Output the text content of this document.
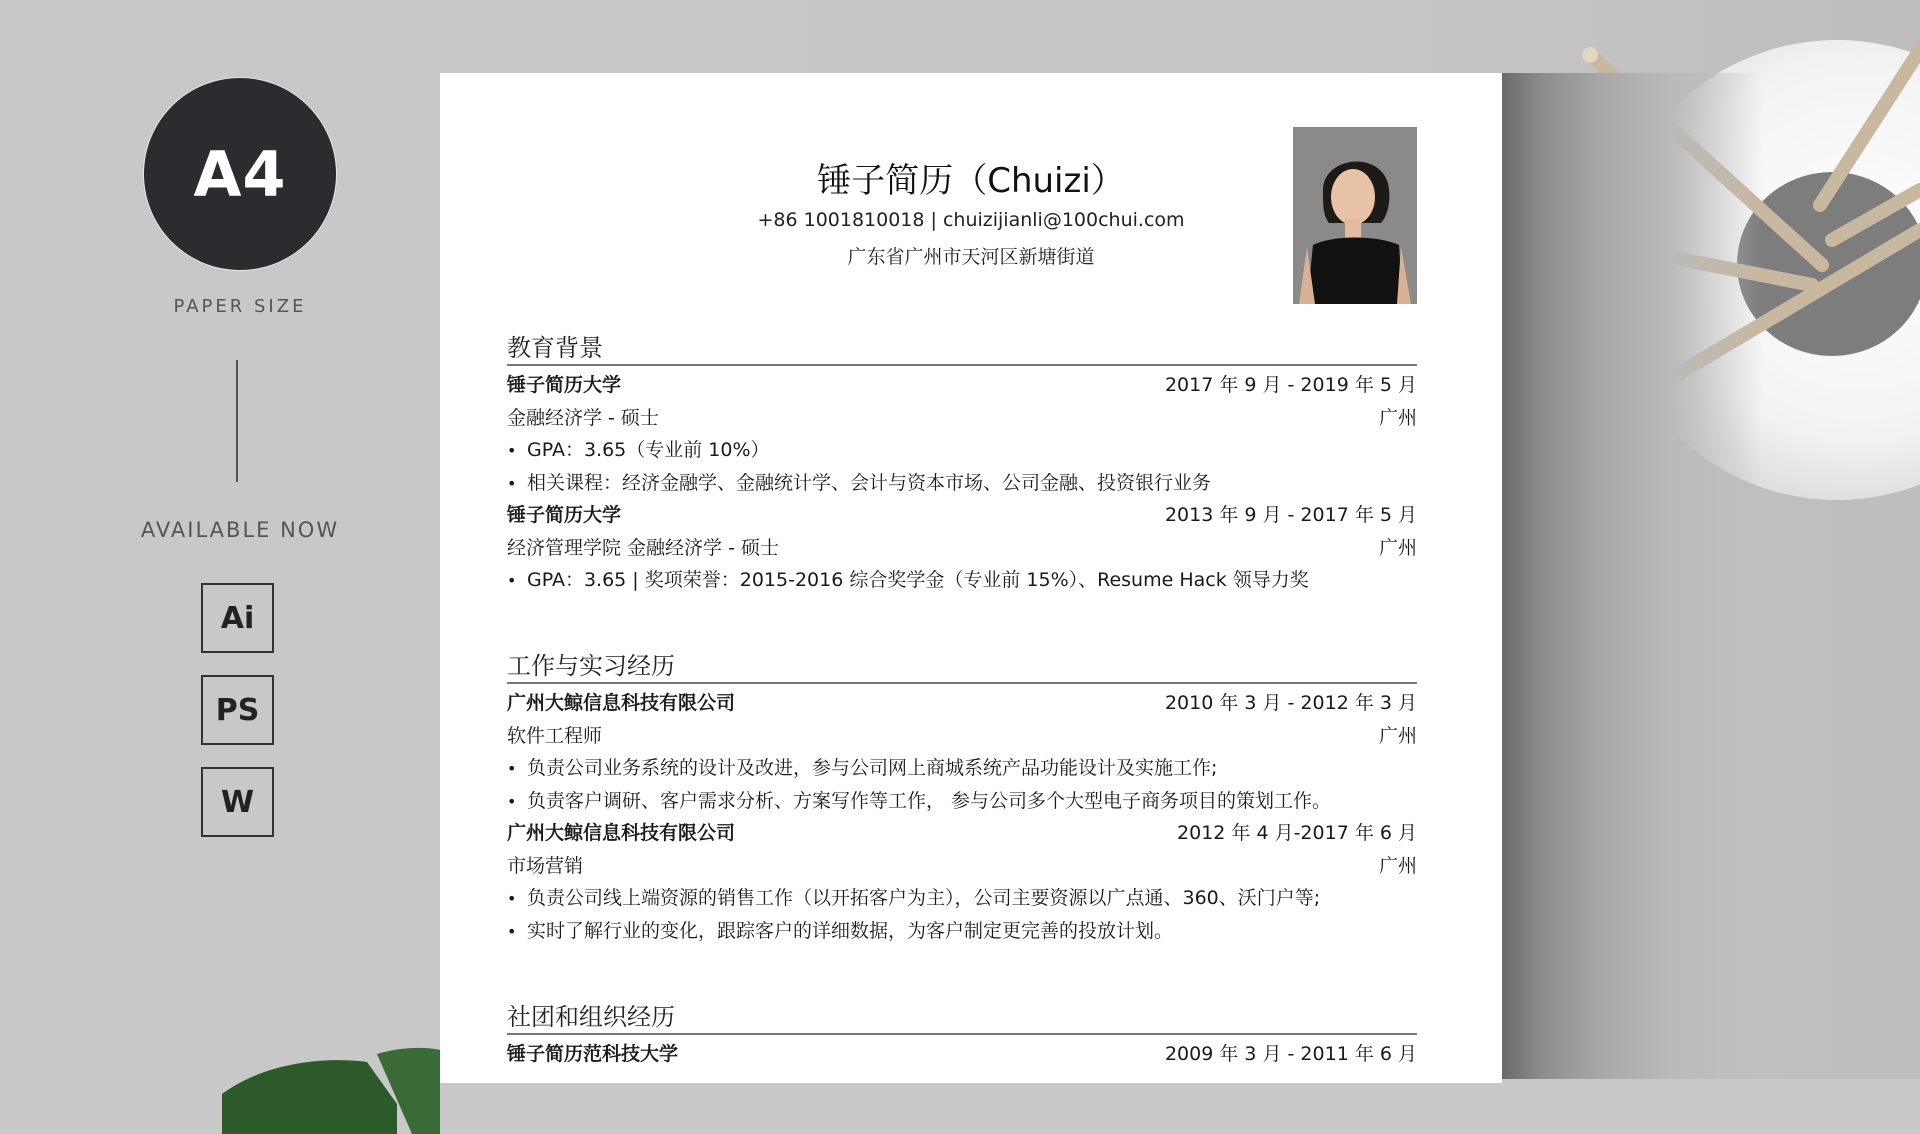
A4
PAPER SIZE
AVAILABLE NOW
Ai
PS
W
锤子简历（Chuizi）
+86 1001810018 | chuizijianli@100chui.com
广东省广州市天河区新塘街道
教育背景
锤子简历大学	2017 年 9 月 - 2019 年 5 月
金融经济学 - 硕士	广州
• GPA：3.65（专业前 10%）
• 相关课程：经济金融学、金融统计学、会计与资本市场、公司金融、投资银行业务
锤子简历大学	2013 年 9 月 - 2017 年 5 月
经济管理学院 金融经济学 - 硕士	广州
• GPA：3.65 | 奖项荣誉：2015-2016 综合奖学金（专业前 15%）、Resume Hack 领导力奖
工作与实习经历
广州大鲸信息科技有限公司	2010 年 3 月 - 2012 年 3 月
软件工程师	广州
• 负责公司业务系统的设计及改进，参与公司网上商城系统产品功能设计及实施工作;
• 负责客户调研、客户需求分析、方案写作等工作， 参与公司多个大型电子商务项目的策划工作。
广州大鲸信息科技有限公司	2012 年 4 月-2017 年 6 月
市场营销	广州
• 负责公司线上端资源的销售工作（以开拓客户为主），公司主要资源以广点通、360、沃门户等;
• 实时了解行业的变化，跟踪客户的详细数据，为客户制定更完善的投放计划。
社团和组织经历
锤子简历范科技大学	2009 年 3 月 - 2011 年 6 月
